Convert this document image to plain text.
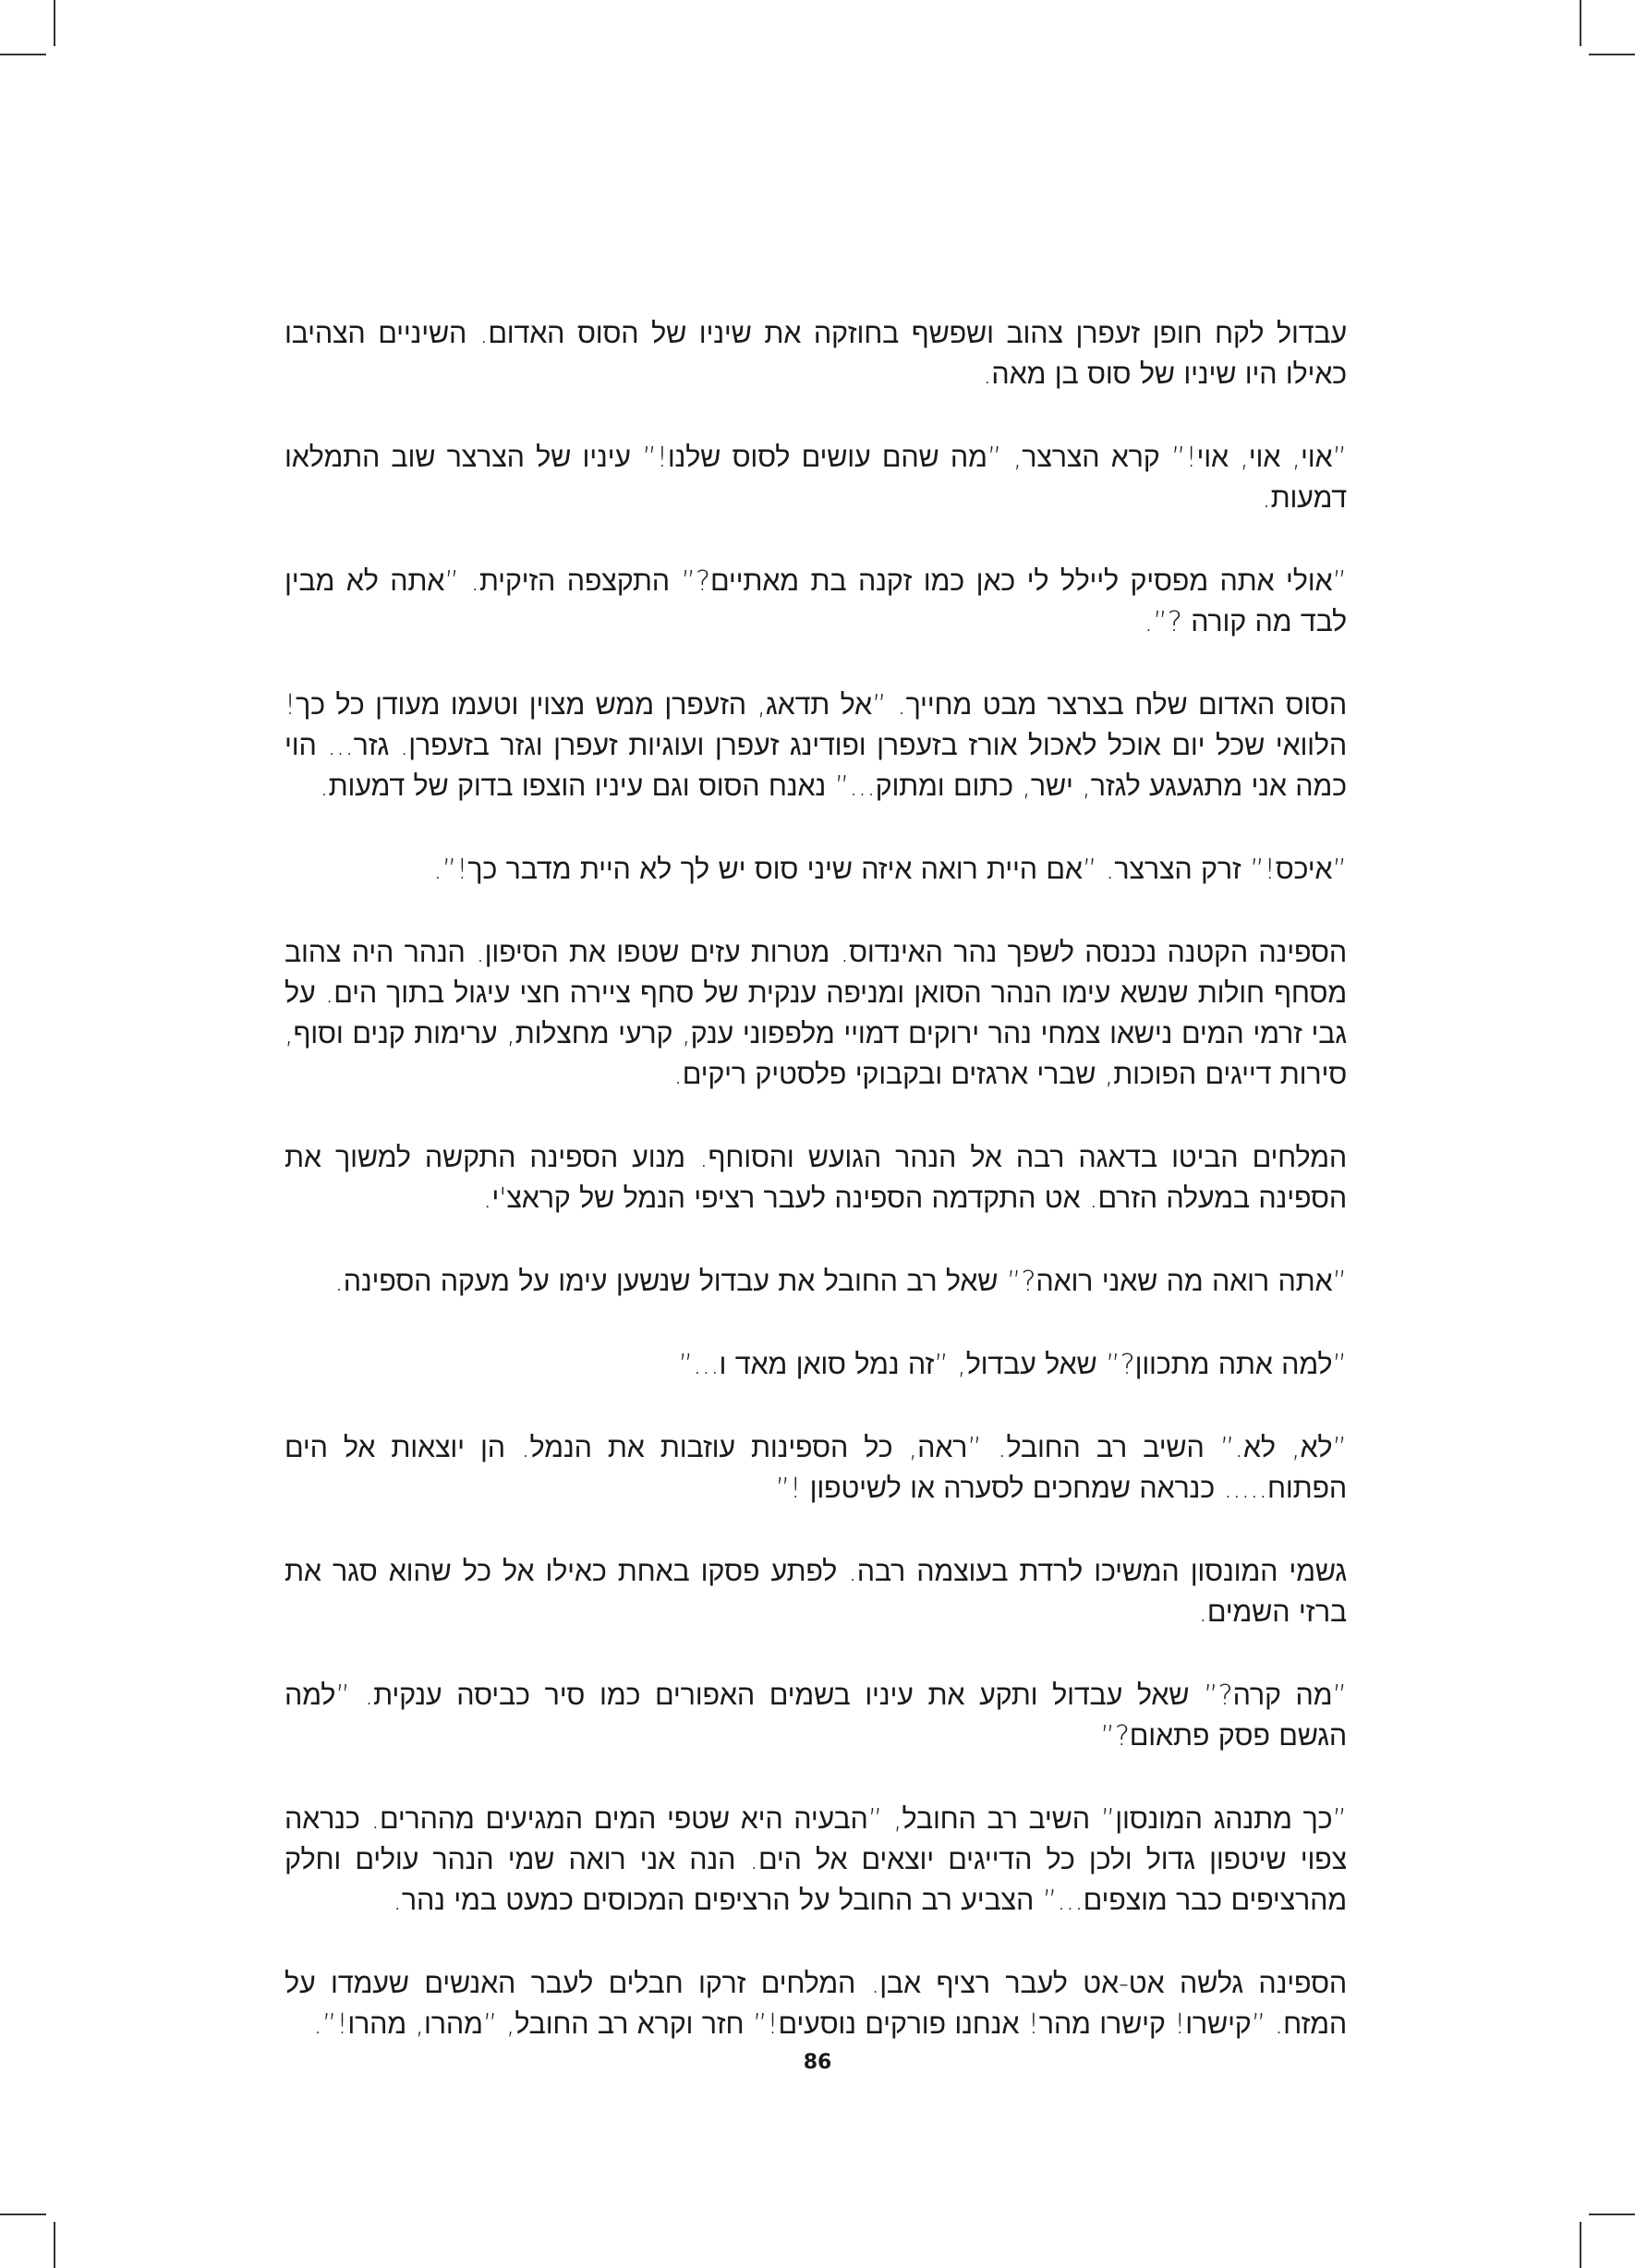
עבדול לקח חופן זעפרן צהוב ושפשף בחוזקה את שיניו של הסוס האדום. השיניים הצהיבו כאילו היו שיניו של סוס בן מאה.

”אוי, אוי, אוי!” קרא הצרצר, ”מה שהם עושים לסוס שלנו!” עיניו של הצרצר שוב התמלאו דמעות.

”אולי אתה מפסיק ליילל לי כאן כמו זקנה בת מאתיים?” התקצפה הזיקית. ”אתה לא מבין לבד מה קורה ?”.

הסוס האדום שלח בצרצר מבט מחייך. ”אל תדאג, הזעפרן ממש מצוין וטעמו מעודן כל כך! הלוואי שכל יום אוכל לאכול אורז בזעפרן ופודינג זעפרן ועוגיות זעפרן וגזר בזעפרן. גזר... הוי כמה אני מתגעגע לגזר, ישר, כתום ומתוק...” נאנח הסוס וגם עיניו הוצפו בדוק של דמעות.

”איכס!” זרק הצרצר. ”אם היית רואה איזה שיני סוס יש לך לא היית מדבר כך!”.

הספינה הקטנה נכנסה לשפך נהר האינדוס. מטרות עזים שטפו את הסיפון. הנהר היה צהוב מסחף חולות שנשא עימו הנהר הסואן ומניפה ענקית של סחף ציירה חצי עיגול בתוך הים. על גבי זרמי המים נישאו צמחי נהר ירוקים דמויי מלפפוני ענק, קרעי מחצלות, ערימות קנים וסוף, סירות דייגים הפוכות, שברי ארגזים ובקבוקי פלסטיק ריקים.

המלחים הביטו בדאגה רבה אל הנהר הגועש והסוחף. מנוע הספינה התקשה למשוך את הספינה במעלה הזרם. אט התקדמה הספינה לעבר רציפי הנמל של קראצ'י.

”אתה רואה מה שאני רואה?” שאל רב החובל את עבדול שנשען עימו על מעקה הספינה.

”למה אתה מתכוון?” שאל עבדול, ”זה נמל סואן מאד ו...”

”לא, לא.” השיב רב החובל. ”ראה, כל הספינות עוזבות את הנמל. הן יוצאות אל הים הפתוח..... כנראה שמחכים לסערה או לשיטפון !”

גשמי המונסון המשיכו לרדת בעוצמה רבה. לפתע פסקו באחת כאילו אל כל שהוא סגר את ברזי השמים.

”מה קרה?” שאל עבדול ותקע את עיניו בשמים האפורים כמו סיר כביסה ענקית. ”למה הגשם פסק פתאום?”

”כך מתנהג המונסון” השיב רב החובל, ”הבעיה היא שטפי המים המגיעים מההרים. כנראה צפוי שיטפון גדול ולכן כל הדייגים יוצאים אל הים. הנה אני רואה שמי הנהר עולים וחלק מהרציפים כבר מוצפים...” הצביע רב החובל על הרציפים המכוסים כמעט במי נהר.

הספינה גלשה אט-אט לעבר רציף אבן. המלחים זרקו חבלים לעבר האנשים שעמדו על המזח. ”קישרו! קישרו מהר! אנחנו פורקים נוסעים!” חזר וקרא רב החובל, ”מהרו, מהרו!”.

86
